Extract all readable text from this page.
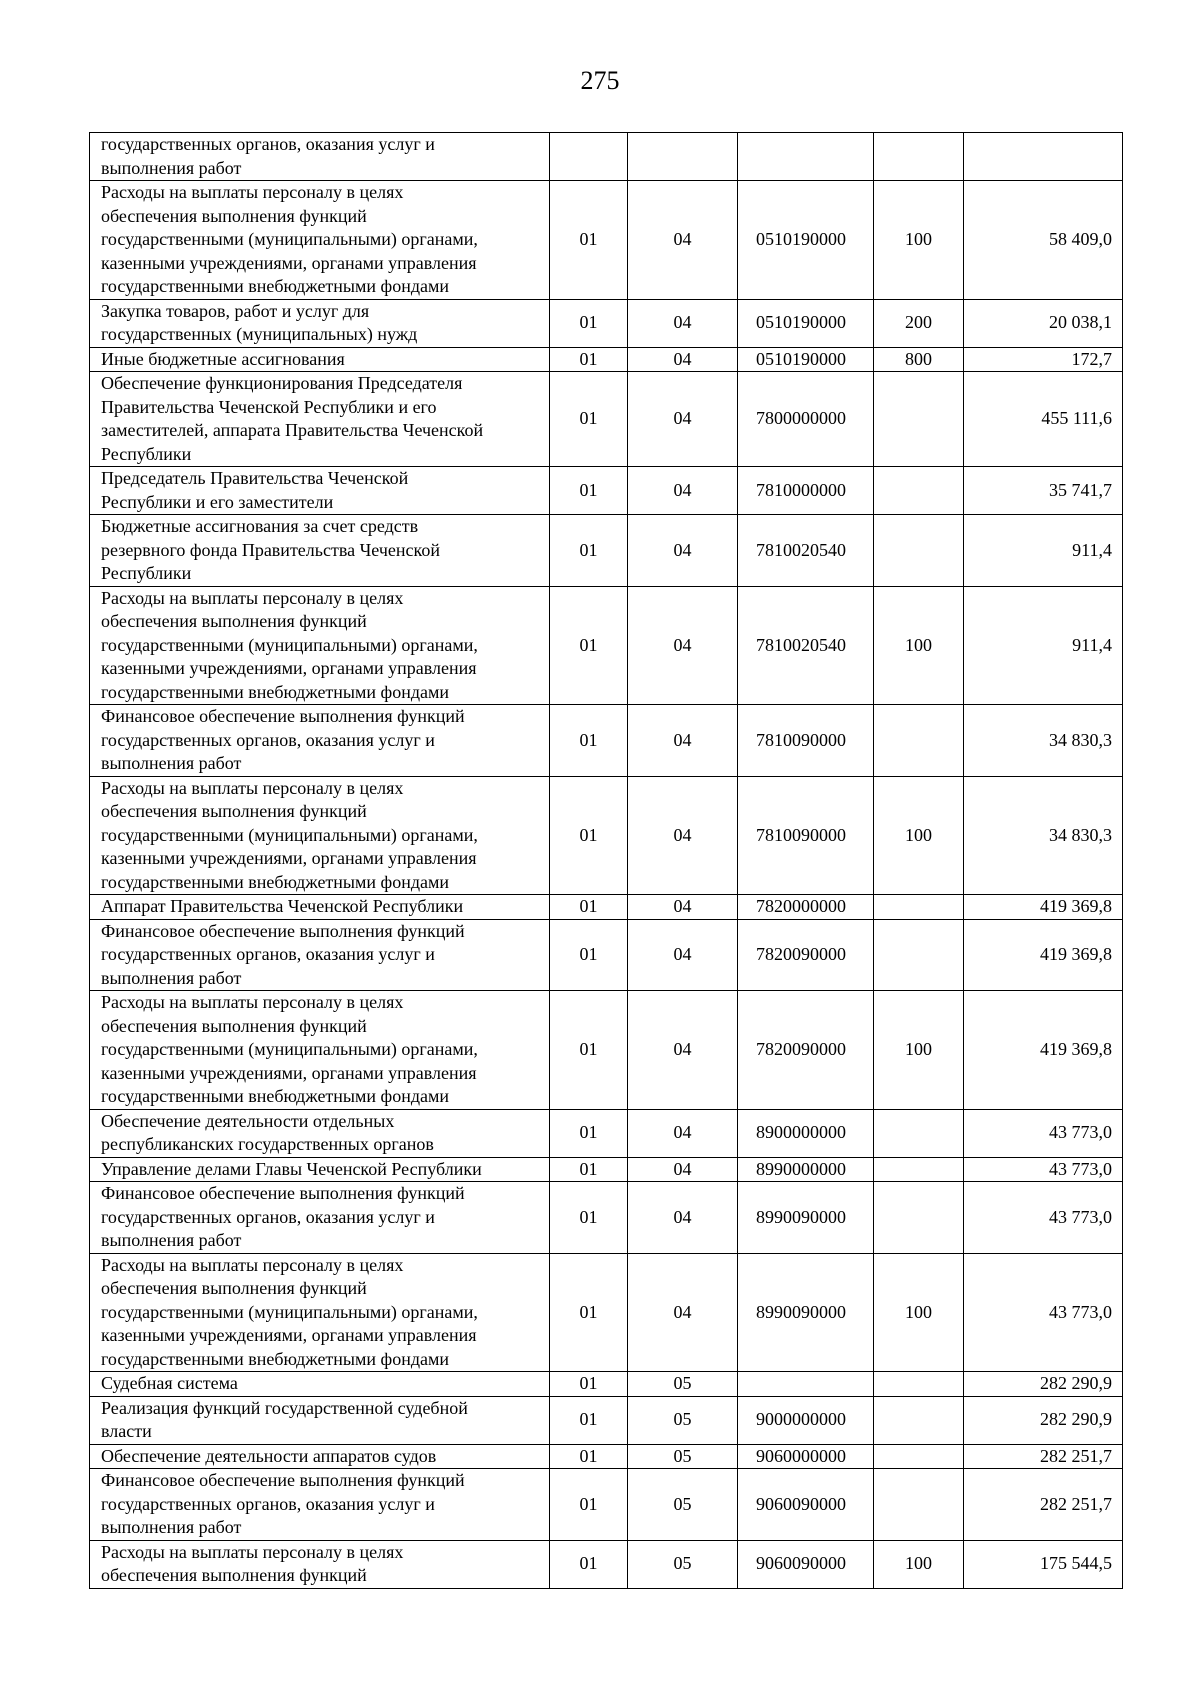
275
государственных органов, оказания услуг и
выполнения работ					

Расходы на выплаты персоналу в целях
обеспечения выполнения функций
государственными (муниципальными) органами,
казенными учреждениями, органами управления
государственными внебюджетными фондами	01	04	0510190000	100	58 409,0

Закупка товаров, работ и услуг для
государственных (муниципальных) нужд	01	04	0510190000	200	20 038,1

Иные бюджетные ассигнования	01	04	0510190000	800	172,7

Обеспечение функционирования Председателя
Правительства Чеченской Республики и его
заместителей, аппарата Правительства Чеченской
Республики	01	04	7800000000		455 111,6

Председатель Правительства Чеченской
Республики и его заместители	01	04	7810000000		35 741,7

Бюджетные ассигнования за счет средств
резервного фонда Правительства Чеченской
Республики	01	04	7810020540		911,4

Расходы на выплаты персоналу в целях
обеспечения выполнения функций
государственными (муниципальными) органами,
казенными учреждениями, органами управления
государственными внебюджетными фондами	01	04	7810020540	100	911,4

Финансовое обеспечение выполнения функций
государственных органов, оказания услуг и
выполнения работ	01	04	7810090000		34 830,3

Расходы на выплаты персоналу в целях
обеспечения выполнения функций
государственными (муниципальными) органами,
казенными учреждениями, органами управления
государственными внебюджетными фондами	01	04	7810090000	100	34 830,3

Аппарат Правительства Чеченской Республики	01	04	7820000000		419 369,8

Финансовое обеспечение выполнения функций
государственных органов, оказания услуг и
выполнения работ	01	04	7820090000		419 369,8

Расходы на выплаты персоналу в целях
обеспечения выполнения функций
государственными (муниципальными) органами,
казенными учреждениями, органами управления
государственными внебюджетными фондами	01	04	7820090000	100	419 369,8

Обеспечение деятельности отдельных
республиканских государственных органов	01	04	8900000000		43 773,0

Управление делами Главы Чеченской Республики	01	04	8990000000		43 773,0

Финансовое обеспечение выполнения функций
государственных органов, оказания услуг и
выполнения работ	01	04	8990090000		43 773,0

Расходы на выплаты персоналу в целях
обеспечения выполнения функций
государственными (муниципальными) органами,
казенными учреждениями, органами управления
государственными внебюджетными фондами	01	04	8990090000	100	43 773,0

Судебная система	01	05			282 290,9

Реализация функций государственной судебной
власти	01	05	9000000000		282 290,9

Обеспечение деятельности аппаратов судов	01	05	9060000000		282 251,7

Финансовое обеспечение выполнения функций
государственных органов, оказания услуг и
выполнения работ	01	05	9060090000		282 251,7

Расходы на выплаты персоналу в целях
обеспечения выполнения функций	01	05	9060090000	100	175 544,5
